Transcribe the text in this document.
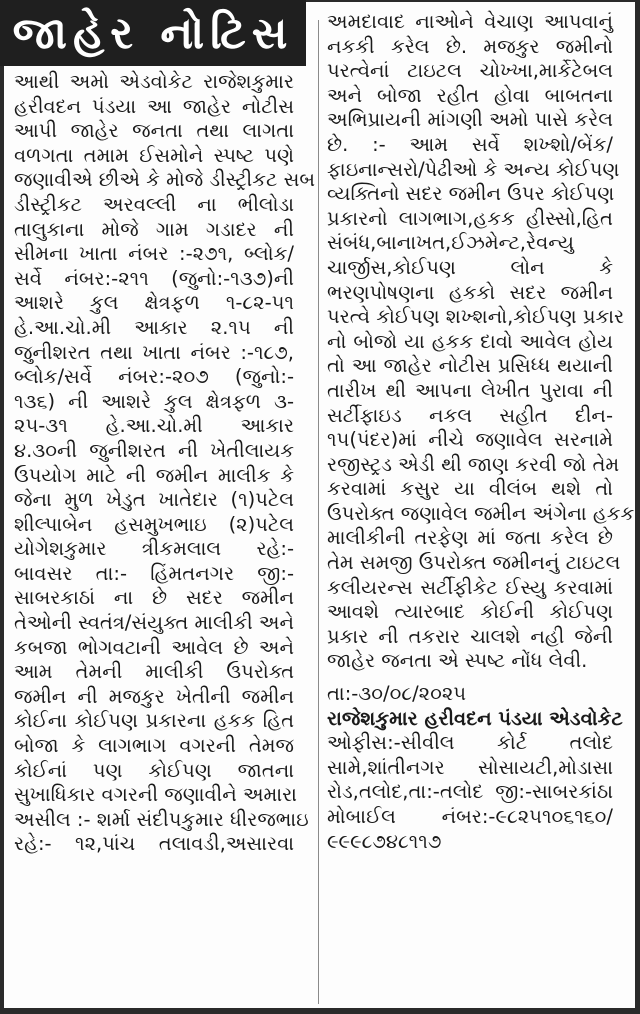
જાહેર નોટિસ
આથી અમો એડવોકેટ રાજેશકુમાર
હરીવદન પંડયા આ જાહેર નોટીસ
આપી જાહેર જનતા તથા લાગતા
વળગતા તમામ ઈસમોને સ્પષ્ટ પણે
જણાવીએ છીએ કે મોજે ડીસ્ટ્રીકટ સબ
ડીસ્ટ્રીકટ અરવલ્લી ના ભીલોડા
તાલુકાના મોજે ગામ ગડાદર ની
સીમના ખાતા નંબર :-૨૭૧, બ્લોક/
સર્વે નંબર:-૨૧૧ (જુનો:-૧૩૭)ની
આશરે કુલ ક્ષેત્રફળ ૧-૮૨-૫૧
હે.આ.ચો.મી આકાર ૨.૧૫ ની
જુનીશરત તથા ખાતા નંબર :-૧૮૭,
બ્લોક/સર્વે નંબર:-૨૦૭ (જુનો:-
૧૩૬) ની આશરે કુલ ક્ષેત્રફળ ૩-
૨૫-૩૧ હે.આ.ચો.મી આકાર
૪.૩૦ની જુનીશરત ની ખેતીલાયક
ઉપયોગ માટે ની જમીન માલીક કે
જેના મુળ ખેડુત ખાતેદાર (૧)પટેલ
શીલ્પાબેન હસમુખભાઇ (૨)પટેલ
યોગેશકુમાર ત્રીકમલાલ રહે:-
બાવસર તા:- હિંમતનગર જી:-
સાબરકાઠાં ના છે સદર જમીન
તેઓની સ્વતંત્ર/સંયુક્ત માલીકી અને
કબજા ભોગવટાની આવેલ છે અને
આમ તેમની માલીકી ઉપરોક્ત
જમીન ની મજકુર ખેતીની જમીન
કોઈના કોઈપણ પ્રકારના હકક હિત
બોજા કે લાગભાગ વગરની તેમજ
કોઈનાં પણ કોઈપણ જાતના
સુખાધિકાર વગરની જણાવીને અમારા
અસીલ :- શર્મા સંદીપકુમાર ધીરજભાઇ
રહે:- ૧૨,પાંચ તલાવડી,અસારવા
અમદાવાદ નાઓને વેચાણ આપવાનું
નકકી કરેલ છે. મજકુર જમીનો
પરત્વેનાં ટાઇટલ ચોખ્ખા,માર્કેટેબલ
અને બોજા રહીત હોવા બાબતના
અભિપ્રાયની માંગણી અમો પાસે કરેલ
છે. :- આમ સર્વે શખ્શો/બેંક/
ફાઇનાન્સરો/પેઢીઓ કે અન્ય કોઈપણ
વ્યક્તિનો સદર જમીન ઉપર કોઈપણ
પ્રકારનો લાગભાગ,હકક હીસ્સો,હિત
સંબંધ,બાનાખત,ઈઝમેન્ટ,રેવન્યુ
ચાર્જીસ,કોઈપણ લોન કે
ભરણપોષણના હકકો સદર જમીન
પરત્વે કોઈપણ શખ્શનો,કોઈપણ પ્રકાર
નો બોજો યા હકક દાવો આવેલ હોય
તો આ જાહેર નોટીસ પ્રસિધ્ધ થયાની
તારીખ થી આપના લેખીત પુરાવા ની
સર્ટીફાઇડ નકલ સહીત દીન-
૧૫(પંદર)માં નીચે જણાવેલ સરનામે
રજીસ્ટ્રડ એડી થી જાણ કરવી જો તેમ
કરવામાં કસુર યા વીલંબ થશે તો
ઉપરોક્ત જણાવેલ જમીન અંગેના હકક
માલીકીની તરફેણ માં જતા કરેલ છે
તેમ સમજી ઉપરોક્ત જમીનનું ટાઇટલ
કલીયરન્સ સર્ટીફીકેટ ઈસ્યુ કરવામાં
આવશે ત્યારબાદ કોઈની કોઈપણ
પ્રકાર ની તકરાર ચાલશે નહી જેની
જાહેર જનતા એ સ્પષ્ટ નોંધ લેવી.
તા:-૩૦/૦૮/૨૦૨૫
રાજેશકુમાર હરીવદન પંડયા એડવોકેટ
ઓફીસ:-સીવીલ કોર્ટ તલોદ
સામે,શાંતીનગર સોસાયટી,મોડાસા
રોડ,તલોદ,તા:-તલોદ જી:-સાબરકાંઠા
મોબાઈલ નંબર:-૯૮૨૫૧૦૬૧૬૦/
૯૯૯૮૭૪૮૧૧૭
